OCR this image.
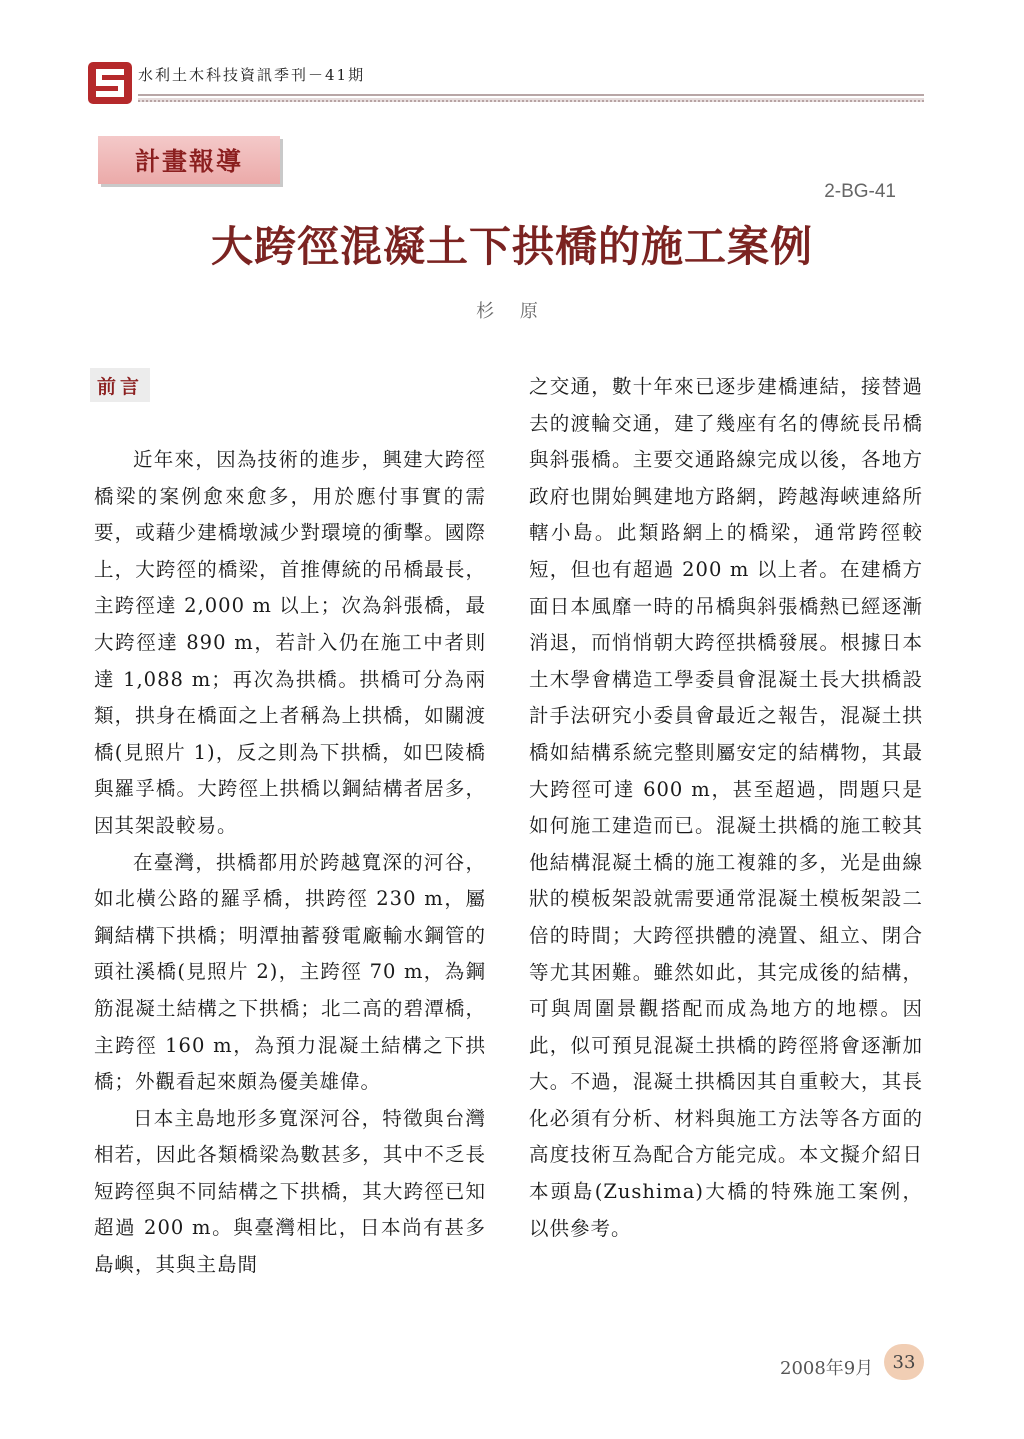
水利土木科技資訊季刊－41期
計畫報導
2-BG-41
大跨徑混凝土下拱橋的施工案例
杉 原
前言

近年來，因為技術的進步，興建大跨徑橋梁的案例愈來愈多，用於應付事實的需要，或藉少建橋墩減少對環境的衝擊。國際上，大跨徑的橋梁，首推傳統的吊橋最長，主跨徑達 2,000 m 以上；次為斜張橋，最大跨徑達 890 m，若計入仍在施工中者則達 1,088 m；再次為拱橋。拱橋可分為兩類，拱身在橋面之上者稱為上拱橋，如關渡橋(見照片 1)，反之則為下拱橋，如巴陵橋與羅孚橋。大跨徑上拱橋以鋼結構者居多，因其架設較易。

在臺灣，拱橋都用於跨越寬深的河谷，如北橫公路的羅孚橋，拱跨徑 230 m，屬鋼結構下拱橋；明潭抽蓄發電廠輸水鋼管的頭社溪橋(見照片 2)，主跨徑 70 m，為鋼筋混凝土結構之下拱橋；北二高的碧潭橋，主跨徑 160 m，為預力混凝土結構之下拱橋；外觀看起來頗為優美雄偉。

日本主島地形多寬深河谷，特徵與台灣相若，因此各類橋梁為數甚多，其中不乏長短跨徑與不同結構之下拱橋，其大跨徑已知超過 200 m。與臺灣相比，日本尚有甚多島嶼，其與主島間

之交通，數十年來已逐步建橋連結，接替過去的渡輪交通，建了幾座有名的傳統長吊橋與斜張橋。主要交通路線完成以後，各地方政府也開始興建地方路網，跨越海峽連絡所轄小島。此類路網上的橋梁，通常跨徑較短，但也有超過 200 m 以上者。在建橋方面日本風靡一時的吊橋與斜張橋熱已經逐漸消退，而悄悄朝大跨徑拱橋發展。根據日本土木學會構造工學委員會混凝土長大拱橋設計手法研究小委員會最近之報告，混凝土拱橋如結構系統完整則屬安定的結構物，其最大跨徑可達 600 m，甚至超過，問題只是如何施工建造而已。混凝土拱橋的施工較其他結構混凝土橋的施工複雜的多，光是曲線狀的模板架設就需要通常混凝土模板架設二倍的時間；大跨徑拱體的澆置、組立、閉合等尤其困難。雖然如此，其完成後的結構，可與周圍景觀搭配而成為地方的地標。因此，似可預見混凝土拱橋的跨徑將會逐漸加大。不過，混凝土拱橋因其自重較大，其長化必須有分析、材料與施工方法等各方面的高度技術互為配合方能完成。本文擬介紹日本頭島(Zushima)大橋的特殊施工案例，以供參考。

2008年9月 33
